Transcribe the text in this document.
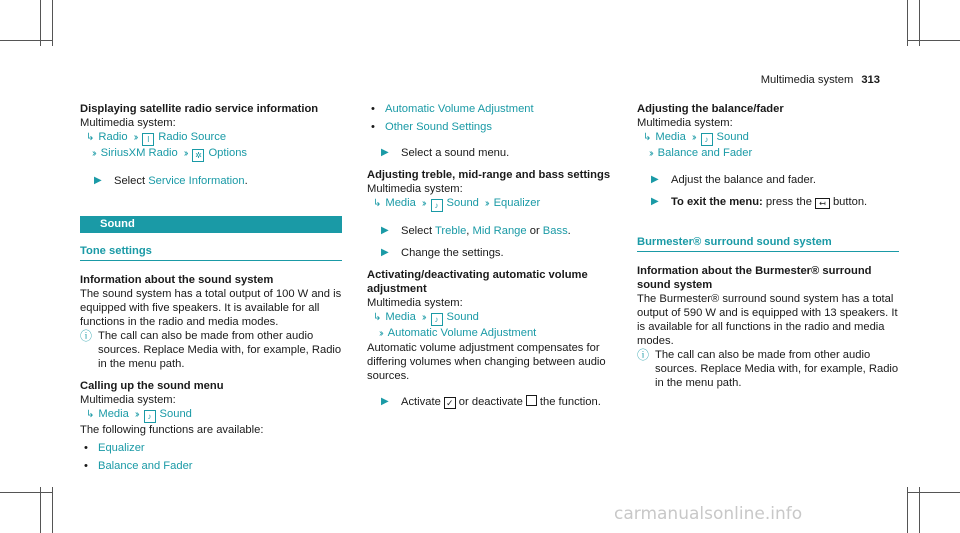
Multimedia system 313

Displaying satellite radio service information

Multimedia system:

↳ Radio ›› ǀ Radio Source

›› SiriusXM Radio ›› ✲ Options

▶ Select Service Information.

Sound

Tone settings

Information about the sound system

The sound system has a total output of 100 W and is equipped with five speakers. It is available for all functions in the radio and media modes.

ⓘ The call can also be made from other audio sources. Replace Media with, for example, Radio in the menu path.

Calling up the sound menu

Multimedia system:

↳ Media ›› ♪ Sound

The following functions are available:

• Equalizer

• Balance and Fader

• Automatic Volume Adjustment

• Other Sound Settings

▶ Select a sound menu.

Adjusting treble, mid-range and bass settings

Multimedia system:

↳ Media ›› ♪ Sound ›› Equalizer

▶ Select Treble, Mid Range or Bass.

▶ Change the settings.

Activating/deactivating automatic volume adjustment

Multimedia system:

↳ Media ›› ♪ Sound

›› Automatic Volume Adjustment

Automatic volume adjustment compensates for differing volumes when changing between audio sources.

▶ Activate ✓ or deactivate the function.

Adjusting the balance/fader

Multimedia system:

↳ Media ›› ♪ Sound

›› Balance and Fader

▶ Adjust the balance and fader.

▶ To exit the menu: press the ↤ button.

Burmester® surround sound system

Information about the Burmester® surround sound system

The Burmester® surround sound system has a total output of 590 W and is equipped with 13 speakers. It is available for all functions in the radio and media modes.

ⓘ The call can also be made from other audio sources. Replace Media with, for example, Radio in the menu path.

carmanualsonline.info
